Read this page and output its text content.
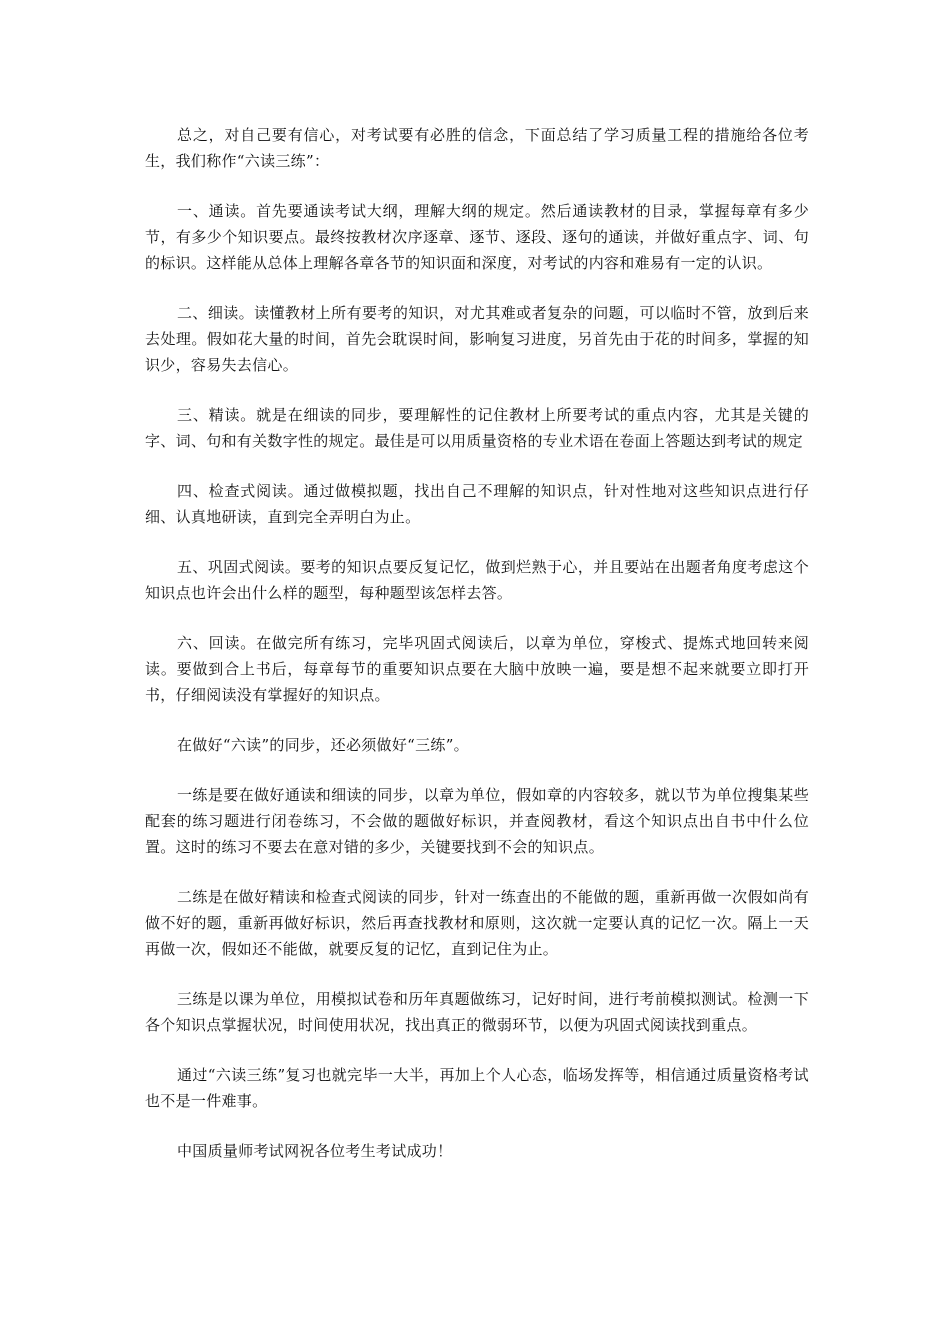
总之，对自己要有信心，对考试要有必胜的信念，下面总结了学习质量工程的措施给各位考生，我们称作“六读三练”：

一、通读。首先要通读考试大纲，理解大纲的规定。然后通读教材的目录，掌握每章有多少节，有多少个知识要点。最终按教材次序逐章、逐节、逐段、逐句的通读，并做好重点字、词、句的标识。这样能从总体上理解各章各节的知识面和深度，对考试的内容和难易有一定的认识。

二、细读。读懂教材上所有要考的知识，对尤其难或者复杂的问题，可以临时不管，放到后来去处理。假如花大量的时间，首先会耽误时间，影响复习进度，另首先由于花的时间多，掌握的知识少，容易失去信心。

三、精读。就是在细读的同步，要理解性的记住教材上所要考试的重点内容，尤其是关键的字、词、句和有关数字性的规定。最佳是可以用质量资格的专业术语在卷面上答题达到考试的规定

四、检查式阅读。通过做模拟题，找出自己不理解的知识点，针对性地对这些知识点进行仔细、认真地研读，直到完全弄明白为止。

五、巩固式阅读。要考的知识点要反复记忆，做到烂熟于心，并且要站在出题者角度考虑这个知识点也许会出什么样的题型，每种题型该怎样去答。

六、回读。在做完所有练习，完毕巩固式阅读后，以章为单位，穿梭式、提炼式地回转来阅读。要做到合上书后，每章每节的重要知识点要在大脑中放映一遍，要是想不起来就要立即打开书，仔细阅读没有掌握好的知识点。

在做好“六读”的同步，还必须做好“三练”。

一练是要在做好通读和细读的同步，以章为单位，假如章的内容较多，就以节为单位搜集某些配套的练习题进行闭卷练习，不会做的题做好标识，并查阅教材，看这个知识点出自书中什么位置。这时的练习不要去在意对错的多少，关键要找到不会的知识点。

二练是在做好精读和检查式阅读的同步，针对一练查出的不能做的题，重新再做一次假如尚有做不好的题，重新再做好标识，然后再查找教材和原则，这次就一定要认真的记忆一次。隔上一天再做一次，假如还不能做，就要反复的记忆，直到记住为止。

三练是以课为单位，用模拟试卷和历年真题做练习，记好时间，进行考前模拟测试。检测一下各个知识点掌握状况，时间使用状况，找出真正的微弱环节，以便为巩固式阅读找到重点。

通过“六读三练”复习也就完毕一大半，再加上个人心态，临场发挥等，相信通过质量资格考试也不是一件难事。

中国质量师考试网祝各位考生考试成功！
